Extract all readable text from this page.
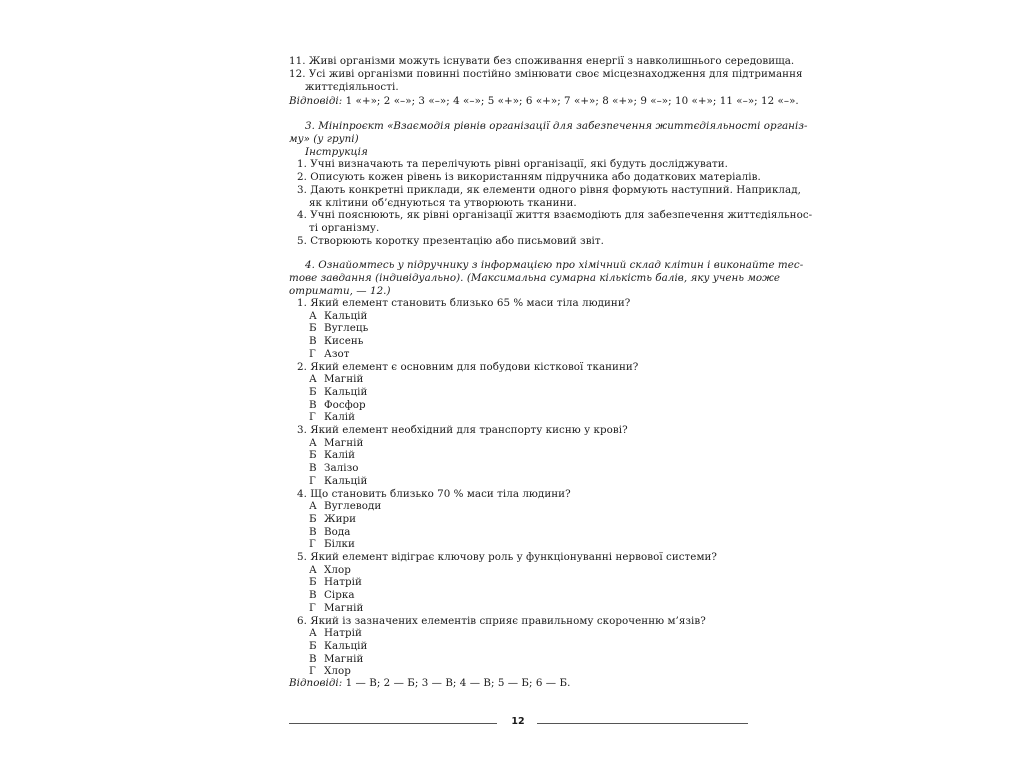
11. Живі організми можуть існувати без споживання енергії з навколишнього середовища.
12. Усі живі організми повинні постійно змінювати своє місцезнаходження для підтримання
життєдіяльності.
Відповіді: 1 «+»; 2 «–»; 3 «–»; 4 «–»; 5 «+»; 6 «+»; 7 «+»; 8 «+»; 9 «–»; 10 «+»; 11 «–»; 12 «–».
3. Мініпроєкт «Взаємодія рівнів організації для забезпечення життєдіяльності організ-
му» (у групі)
Інструкція
1. Учні визначають та перелічують рівні організації, які будуть досліджувати.
2. Описують кожен рівень із використанням підручника або додаткових матеріалів.
3. Дають конкретні приклади, як елементи одного рівня формують наступний. Наприклад,
як клітини об’єднуються та утворюють тканини.
4. Учні пояснюють, як рівні організації життя взаємодіють для забезпечення життєдіяльнос-
ті організму.
5. Створюють коротку презентацію або письмовий звіт.
4. Ознайомтесь у підручнику з інформацією про хімічний склад клітин і виконайте тес-
тове завдання (індивідуально). (Максимальна сумарна кількість балів, яку учень може
отримати, — 12.)
1. Який елемент становить близько 65 % маси тіла людини?
А Кальцій
Б Вуглець
В Кисень
Г Азот
2. Який елемент є основним для побудови кісткової тканини?
А Магній
Б Кальцій
В Фосфор
Г Калій
3. Який елемент необхідний для транспорту кисню у крові?
А Магній
Б Калій
В Залізо
Г Кальцій
4. Що становить близько 70 % маси тіла людини?
А Вуглеводи
Б Жири
В Вода
Г Білки
5. Який елемент відіграє ключову роль у функціонуванні нервової системи?
А Хлор
Б Натрій
В Сірка
Г Магній
6. Який із зазначених елементів сприяє правильному скороченню м’язів?
А Натрій
Б Кальцій
В Магній
Г Хлор
Відповіді: 1 — В; 2 — Б; 3 — В; 4 — В; 5 — Б; 6 — Б.
12
